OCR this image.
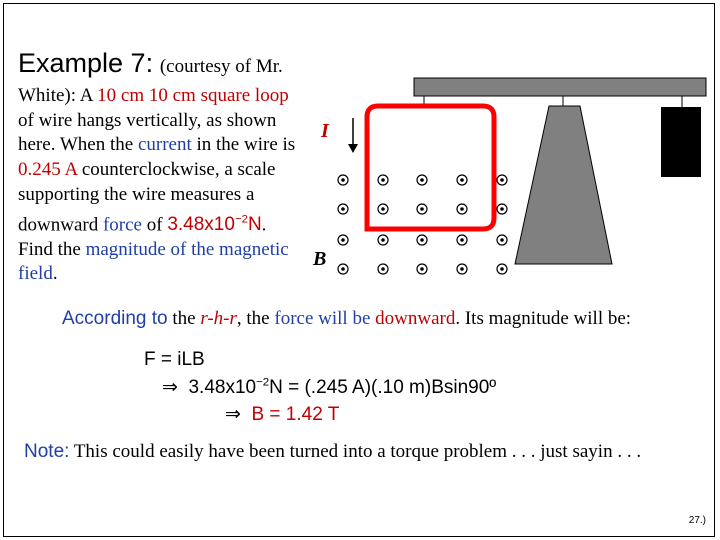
Example 7: (courtesy of Mr.
White): A 10 cm 10 cm square loop of wire hangs vertically, as shown here. When the current in the wire is 0.245 A counterclockwise, a scale supporting the wire measures a downward force of $3.48x10^{-2}N$. Find the magnitude of the magnetic field.
I
B
According to the r-h-r, the force will be downward. Its magnitude will be:
F = iLB
⇒ $3.48x10^{-2}N = (.245$ A)(.10 m)Bsin90º
⇒ B = 1.42 T
Note: This could easily have been turned into a torque problem . . . just sayin . . .
27.)
